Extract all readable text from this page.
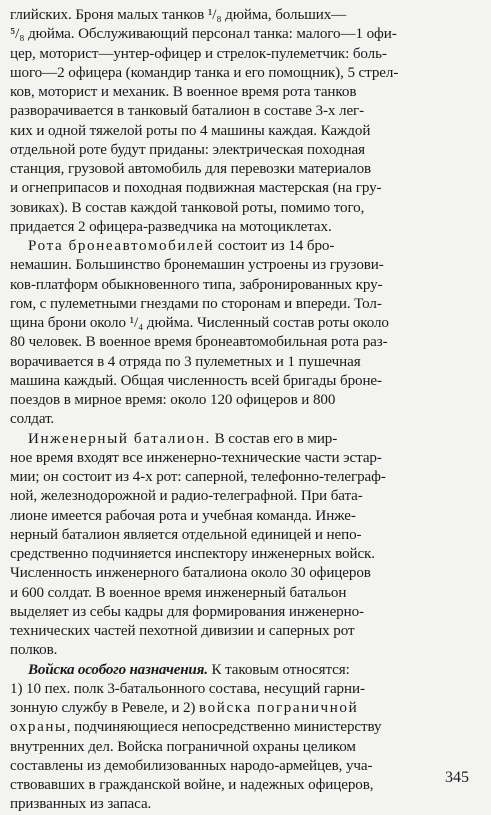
глийских. Броня малых танков ¹/₈ дюйма, больших—
⁵/₈ дюйма. Обслуживающий персонал танка: малого—1 офи-
цер, моторист—унтер-офицер и стрелок-пулеметчик: боль-
шого—2 офицера (командир танка и его помощник), 5 стрел-
ков, моторист и механик. В военное время рота танков
разворачивается в танковый баталион в составе 3-х лег-
ких и одной тяжелой роты по 4 машины каждая. Каждой
отдельной роте будут приданы: электрическая походная
станция, грузовой автомобиль для перевозки материалов
и огнеприпасов и походная подвижная мастерская (на гру-
зовиках). В состав каждой танковой роты, помимо того,
придается 2 офицера-разведчика на мотоциклетах.
Рота бронеавтомобилей состоит из 14 бро-
немашин. Большинство бронемашин устроены из грузови-
ков-платформ обыкновенного типа, забронированных кру-
гом, с пулеметными гнездами по сторонам и впереди. Тол-
щина брони около ¹/₄ дюйма. Численный состав роты около
80 человек. В военное время бронеавтомобильная рота раз-
ворачивается в 4 отряда по 3 пулеметных и 1 пушечная
машина каждый. Общая численность всей бригады броне-
поездов в мирное время: около 120 офицеров и 800
солдат.
Инженерный баталион. В состав его в мир-
ное время входят все инженерно-технические части эстар-
мии; он состоит из 4-х рот: саперной, телефонно-телеграф-
ной, железнодорожной и радио-телеграфной. При бата-
лионе имеется рабочая рота и учебная команда. Инже-
нерный баталион является отдельной единицей и непо-
средственно подчиняется инспектору инженерных войск.
Численность инженерного баталиона около 30 офицеров
и 600 солдат. В военное время инженерный батальон
выделяет из себы кадры для формирования инженерно-
технических частей пехотной дивизии и саперных рот
полков.
Войска особого назначения. К таковым относятся:
1) 10 пех. полк 3-батальонного состава, несущий гарни-
зонную службу в Ревеле, и 2) войска пограничной
охраны, подчиняющиеся непосредственно министерству
внутренних дел. Войска пограничной охраны целиком
составлены из демобилизованных народо-армейцев, уча-
ствовавших в гражданской войне, и надежных офицеров,
призванных из запаса.
345
